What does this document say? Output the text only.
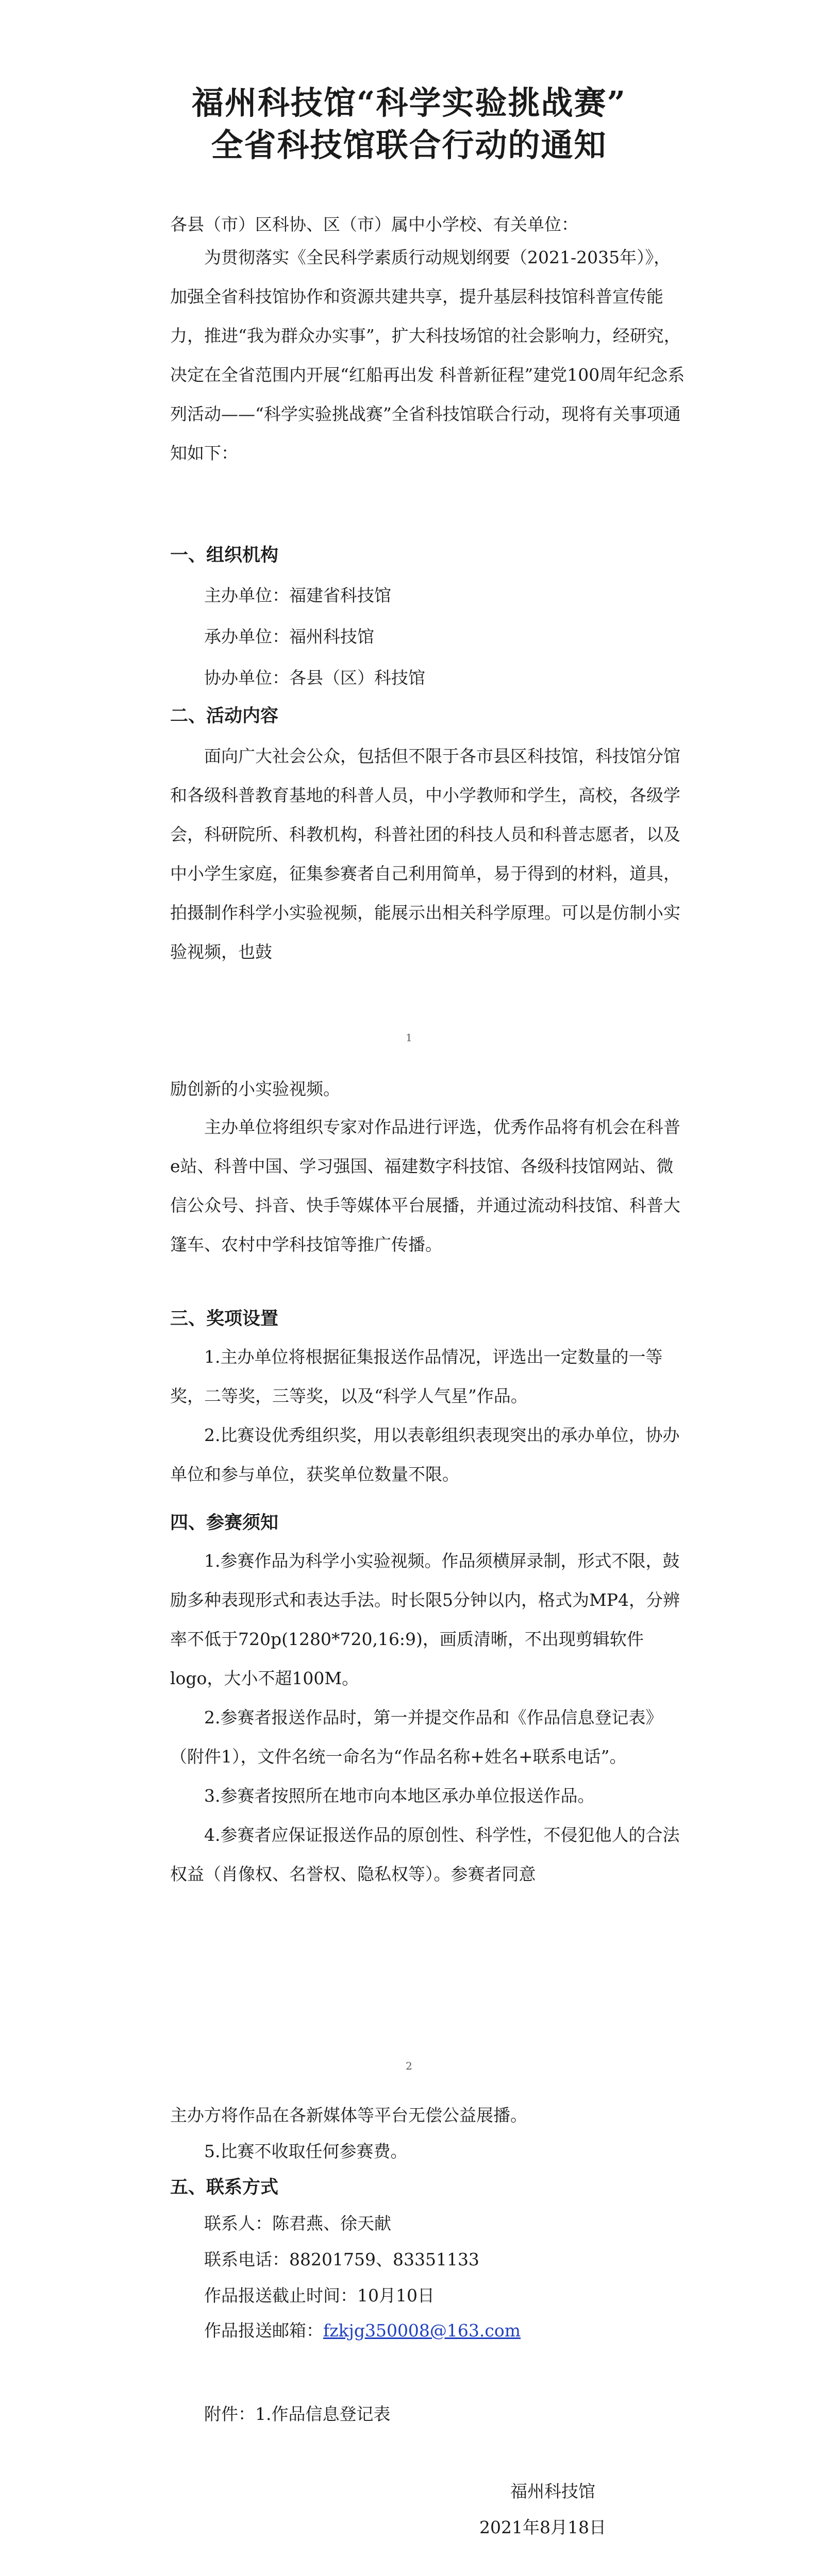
福州科技馆“科学实验挑战赛”
全省科技馆联合行动的通知
各县（市）区科协、区（市）属中小学校、有关单位：

为贯彻落实《全民科学素质行动规划纲要（2021-2035年）》，加强全省科技馆协作和资源共建共享，提升基层科技馆科普宣传能力，推进“我为群众办实事”，扩大科技场馆的社会影响力，经研究，决定在全省范围内开展“红船再出发 科普新征程”建党100周年纪念系列活动——“科学实验挑战赛”全省科技馆联合行动，现将有关事项通知如下：

一、组织机构
主办单位：福建省科技馆
承办单位：福州科技馆
协办单位：各县（区）科技馆
二、活动内容

面向广大社会公众，包括但不限于各市县区科技馆，科技馆分馆和各级科普教育基地的科普人员，中小学教师和学生，高校，各级学会，科研院所、科教机构，科普社团的科技人员和科普志愿者，以及中小学生家庭，征集参赛者自己利用简单，易于得到的材料，道具，拍摄制作科学小实验视频，能展示出相关科学原理。可以是仿制小实验视频，也鼓

1
励创新的小实验视频。

主办单位将组织专家对作品进行评选，优秀作品将有机会在科普e站、科普中国、学习强国、福建数字科技馆、各级科技馆网站、微信公众号、抖音、快手等媒体平台展播，并通过流动科技馆、科普大篷车、农村中学科技馆等推广传播。

三、奖项设置

1.主办单位将根据征集报送作品情况，评选出一定数量的一等奖，二等奖，三等奖，以及“科学人气星”作品。

2.比赛设优秀组织奖，用以表彰组织表现突出的承办单位，协办单位和参与单位，获奖单位数量不限。

四、参赛须知

1.参赛作品为科学小实验视频。作品须横屏录制，形式不限，鼓励多种表现形式和表达手法。时长限5分钟以内，格式为MP4，分辨率不低于720p(1280*720,16:9)，画质清晰，不出现剪辑软件logo，大小不超100M。

2.参赛者报送作品时，第一并提交作品和《作品信息登记表》（附件1），文件名统一命名为“作品名称+姓名+联系电话”。

3.参赛者按照所在地市向本地区承办单位报送作品。

4.参赛者应保证报送作品的原创性、科学性，不侵犯他人的合法权益（肖像权、名誉权、隐私权等）。参赛者同意

2
主办方将作品在各新媒体等平台无偿公益展播。
5.比赛不收取任何参赛费。
五、联系方式
联系人：陈君燕、徐天献
联系电话：88201759、83351133
作品报送截止时间：10月10日
作品报送邮箱：fzkjg350008@163.com
附件：1.作品信息登记表
福州科技馆
2021年8月18日
